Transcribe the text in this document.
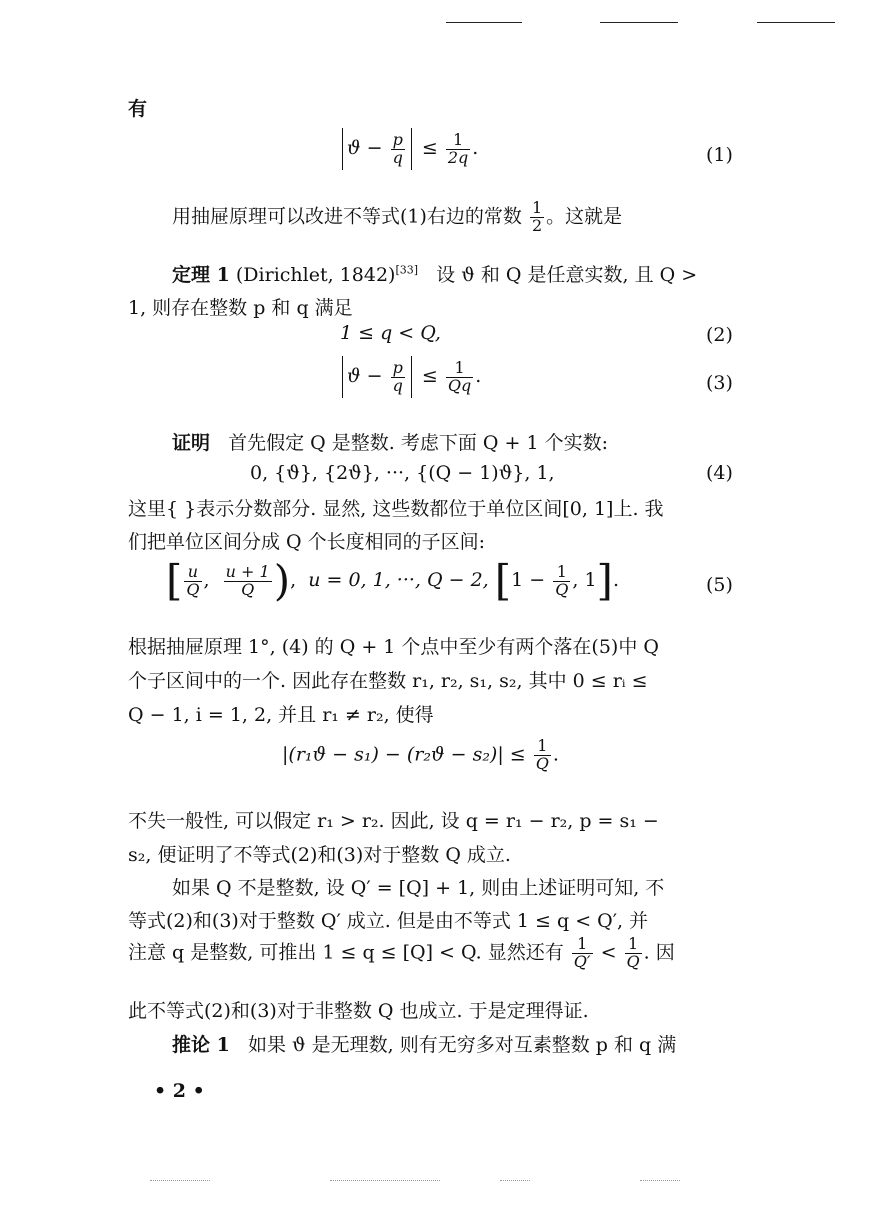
有
$ϑ - \frac{p}{q} \le \frac{1}{2q}$ .	(1)
用抽屉原理可以改进不等式(1)右边的常数 $\frac{1}{2}$ 。这就是
定理 1 (Dirichlet, 1842)[33] 设 ϑ 和 Q 是任意实数, 且 Q >
1, 则存在整数 p 和 q 满足
1 ≤ q < Q,	(2)
$ϑ - \frac{p}{q} \le \frac{1}{Qq}$ .	(3)
证明 首先假定 Q 是整数. 考虑下面 Q + 1 个实数:
0, {ϑ}, {2ϑ}, ···, {(Q − 1)ϑ}, 1,	(4)
这里{ }表示分数部分. 显然, 这些数都位于单位区间[0, 1]上. 我
们把单位区间分成 Q 个长度相同的子区间:
[ $\frac{u}{Q}$ , $\frac{u + 1}{Q}$ ),  u = 0, 1, ···, Q − 2, [$1 - \frac{1}{Q}$ , 1].	(5)
根据抽屉原理 1°, (4) 的 Q + 1 个点中至少有两个落在(5)中 Q
个子区间中的一个. 因此存在整数 r₁, r₂, s₁, s₂, 其中 0 ≤ rᵢ ≤
Q − 1, i = 1, 2, 并且 r₁ ≠ r₂, 使得
$|(r_1ϑ - s_1) - (r_2ϑ - s_2)| \le \frac{1}{Q}$ .
不失一般性, 可以假定 r₁ > r₂. 因此, 设 q = r₁ − r₂, p = s₁ −
s₂, 便证明了不等式(2)和(3)对于整数 Q 成立.
如果 Q 不是整数, 设 Q′ = [Q] + 1, 则由上述证明可知, 不
等式(2)和(3)对于整数 Q′ 成立. 但是由不等式 1 ≤ q < Q′, 并
注意 q 是整数, 可推出 1 ≤ q ≤ [Q] < Q. 显然还有 $\frac{1}{Q'} < \frac{1}{Q}$ . 因
此不等式(2)和(3)对于非整数 Q 也成立. 于是定理得证.
推论 1 如果 ϑ 是无理数, 则有无穷多对互素整数 p 和 q 满
• 2 •
